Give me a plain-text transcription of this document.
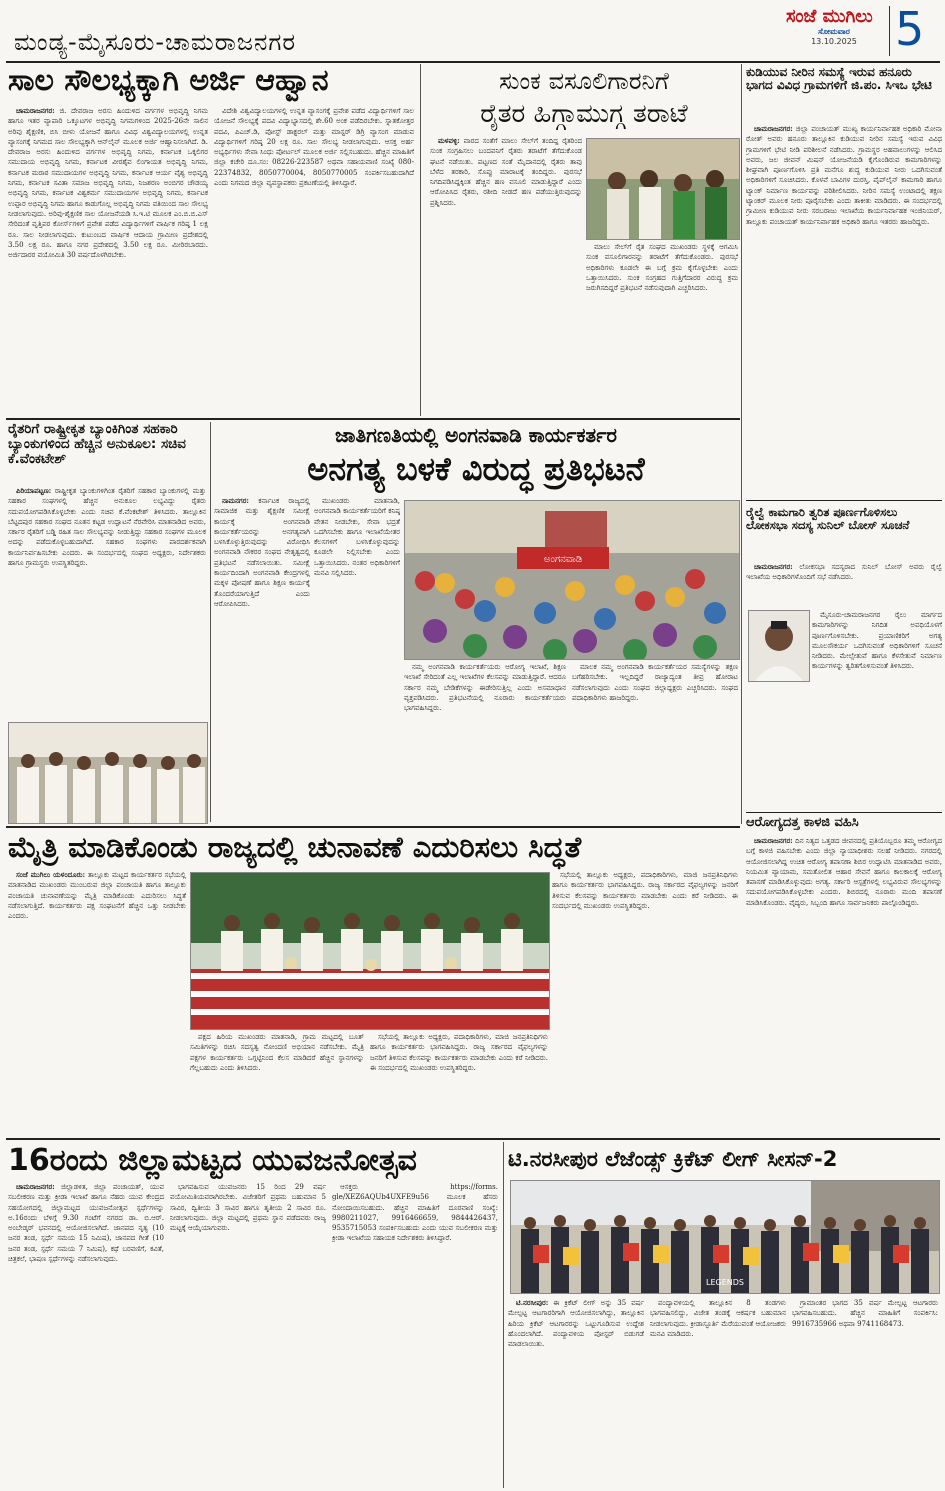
ಮಂಡ್ಯ-ಮೈಸೂರು-ಚಾಮರಾಜನಗರ
ಸಂಜೆ ಮುಗಿಲು
ಸೋಮವಾರ
13.10.2025 5
ಸಾಲ ಸೌಲಭ್ಯಕ್ಕಾಗಿ ಅರ್ಜಿ ಆಹ್ವಾನ

ಚಾಮರಾಜನಗರ: ಜಿ. ದೇವರಾಜ ಅರಸು ಹಿಂದುಳಿದ ವರ್ಗಗಳ ಅಭಿವೃದ್ಧಿ ನಿಗಮ ಹಾಗೂ ಇತರ ವ್ಯಾಪಾರಿ ಒಕ್ಕೂಟಗಳ ಅಭಿವೃದ್ಧಿ ನಿಗಮಗಳಿಂದ 2025-26ನೇ ಸಾಲಿನ ಅರಿವು ಶೈಕ್ಷಣಿಕ, ಬಿಸಿ ಬೀಳು ಯೋಜನೆ ಹಾಗೂ ವಿವಿಧ ವಿಶ್ವವಿದ್ಯಾಲಯಗಳಲ್ಲಿ ಉನ್ನತ ವ್ಯಾಸಂಗಕ್ಕೆ ನಿಗಮದ ಸಾಲ ಸೌಲಭ್ಯಕ್ಕಾಗಿ ಆನ್‌ಲೈನ್ ಮೂಲಕ ಅರ್ಜಿ ಆಹ್ವಾನಿಸಲಾಗಿದೆ. ಡಿ. ದೇವರಾಜ ಅರಸು ಹಿಂದುಳಿದ ವರ್ಗಗಳ ಅಭಿವೃದ್ಧಿ ನಿಗಮ, ಕರ್ನಾಟಕ ಒಕ್ಕಲಿಗರ ಸಮುದಾಯ ಅಭಿವೃದ್ಧಿ ನಿಗಮ, ಕರ್ನಾಟಕ ವೀರಶೈವ ಲಿಂಗಾಯತ ಅಭಿವೃದ್ಧಿ ನಿಗಮ, ಕರ್ನಾಟಕ ಮರಾಠ ಸಮುದಾಯಗಳ ಅಭಿವೃದ್ಧಿ ನಿಗಮ, ಕರ್ನಾಟಕ ಆರ್ಯ ವೈಶ್ಯ ಅಭಿವೃದ್ಧಿ ನಿಗಮ, ಕರ್ನಾಟಕ ಸವಿತಾ ಸಮಾಜ ಅಭಿವೃದ್ಧಿ ನಿಗಮ, ನಿಜಶರಣ ಅಂಬಿಗರ ಚೌಡಯ್ಯ ಅಭಿವೃದ್ಧಿ ನಿಗಮ, ಕರ್ನಾಟಕ ವಿಶ್ವಕರ್ಮ ಸಮುದಾಯಗಳ ಅಭಿವೃದ್ಧಿ ನಿಗಮ, ಕರ್ನಾಟಕ ಉಪ್ಪಾರ ಅಭಿವೃದ್ಧಿ ನಿಗಮ ಹಾಗೂ ಕಾಡುಗೊಲ್ಲ ಅಭಿವೃದ್ಧಿ ನಿಗಮ ವತಿಯಿಂದ ಸಾಲ ಸೌಲಭ್ಯ ನೀಡಲಾಗುವುದು. ಅರಿವು-ಶೈಕ್ಷಣಿಕ ಸಾಲ ಯೋಜನೆಯಡಿ ಸಿ.ಇ.ಟಿ ಮೂಲಕ ಎಂ.ಬಿ.ಬಿ.ಎಸ್ ಸೇರಿದಂತೆ ವೃತ್ತಿಪರ ಕೋರ್ಸ್‌ಗಳಿಗೆ ಪ್ರವೇಶ ಪಡೆದ ವಿದ್ಯಾರ್ಥಿಗಳಿಗೆ ವಾರ್ಷಿಕ ಗರಿಷ್ಠ 1 ಲಕ್ಷ ರೂ. ಸಾಲ ನೀಡಲಾಗುವುದು. ಕುಟುಂಬದ ವಾರ್ಷಿಕ ಆದಾಯ ಗ್ರಾಮೀಣ ಪ್ರದೇಶದಲ್ಲಿ 3.50 ಲಕ್ಷ ರೂ. ಹಾಗೂ ನಗರ ಪ್ರದೇಶದಲ್ಲಿ 3.50 ಲಕ್ಷ ರೂ. ಮೀರಿರಬಾರದು. ಅರ್ಜಿದಾರರ ವಯೋಮಿತಿ 30 ವರ್ಷದೊಳಗಿರಬೇಕು.

ವಿದೇಶಿ ವಿಶ್ವವಿದ್ಯಾಲಯಗಳಲ್ಲಿ ಉನ್ನತ ವ್ಯಾಸಂಗಕ್ಕೆ ಪ್ರವೇಶ ಪಡೆದ ವಿದ್ಯಾರ್ಥಿಗಳಿಗೆ ಸಾಲ ಯೋಜನೆ ಸೌಲಭ್ಯಕ್ಕೆ ಪದವಿ ವಿದ್ಯಾಭ್ಯಾಸದಲ್ಲಿ ಶೇ.60 ಅಂಕ ಪಡೆದಿರಬೇಕು. ಸ್ನಾತಕೋತ್ತರ ಪದವಿ, ಪಿಎಚ್.ಡಿ, ಪೋಸ್ಟ್ ಡಾಕ್ಟರಲ್ ಮತ್ತು ಮಾಸ್ಟರ್ ಡಿಗ್ರಿ ವ್ಯಾಸಂಗ ಮಾಡುವ ವಿದ್ಯಾರ್ಥಿಗಳಿಗೆ ಗರಿಷ್ಠ 20 ಲಕ್ಷ ರೂ. ಸಾಲ ಸೌಲಭ್ಯ ನೀಡಲಾಗುವುದು. ಆಸಕ್ತ ಅರ್ಹ ಅಭ್ಯರ್ಥಿಗಳು ಸೇವಾ ಸಿಂಧು ಪೋರ್ಟಲ್ ಮೂಲಕ ಅರ್ಜಿ ಸಲ್ಲಿಸಬಹುದು. ಹೆಚ್ಚಿನ ಮಾಹಿತಿಗೆ ಜಿಲ್ಲಾ ಕಚೇರಿ ದೂ.ಸಂ: 08226-223587 ಅಥವಾ ಸಹಾಯವಾಣಿ ಸಂಖ್ಯೆ 080-22374832, 8050770004, 8050770005 ಸಂಪರ್ಕಿಸಬಹುದಾಗಿದೆ ಎಂದು ನಿಗಮದ ಜಿಲ್ಲಾ ವ್ಯವಸ್ಥಾಪಕರು ಪ್ರಕಟಣೆಯಲ್ಲಿ ತಿಳಿಸಿದ್ದಾರೆ.

ಸುಂಕ ವಸೂಲಿಗಾರನಿಗೆ
ರೈತರ ಹಿಗ್ಗಾಮುಗ್ಗ ತರಾಟೆ

ಮಳವಳ್ಳಿ: ವಾರದ ಸಂತೆಗೆ ಮಾಲು ಸೇಲ್‌ಗೆ ತಂದಿದ್ದ ರೈತರಿಂದ ಸುಂಕ ಸಂಗ್ರಹಿಸಲು ಬಂದವನಿಗೆ ರೈತರು ತರಾಟೆಗೆ ತೆಗೆದುಕೊಂಡ ಘಟನೆ ನಡೆಯಿತು. ಪಟ್ಟಣದ ಸಂತೆ ಮೈದಾನದಲ್ಲಿ ರೈತರು ತಾವು ಬೆಳೆದ ತರಕಾರಿ, ಸೊಪ್ಪು ಮಾರಾಟಕ್ಕೆ ತಂದಿದ್ದರು. ಪುರಸಭೆ ನಿಗದಿಪಡಿಸಿದ್ದಕ್ಕಿಂತ ಹೆಚ್ಚಿನ ಹಣ ವಸೂಲಿ ಮಾಡುತ್ತಿದ್ದಾರೆ ಎಂದು ಆರೋಪಿಸಿದ ರೈತರು, ರಶೀದಿ ನೀಡದೆ ಹಣ ಪಡೆಯುತ್ತಿರುವುದನ್ನು ಪ್ರಶ್ನಿಸಿದರು.

ಮಾಲು ಸೇಲ್‌ಗೆ ರೈತ ಸಂಘದ ಮುಖಂಡರು ಸ್ಥಳಕ್ಕೆ ಆಗಮಿಸಿ ಸುಂಕ ವಸೂಲಿಗಾರನನ್ನು ತರಾಟೆಗೆ ತೆಗೆದುಕೊಂಡರು. ಪುರಸಭೆ ಅಧಿಕಾರಿಗಳು ಕೂಡಲೇ ಈ ಬಗ್ಗೆ ಕ್ರಮ ಕೈಗೊಳ್ಳಬೇಕು ಎಂದು ಒತ್ತಾಯಿಸಿದರು. ಸುಂಕ ಸಂಗ್ರಹದ ಗುತ್ತಿಗೆದಾರರ ವಿರುದ್ಧ ಕ್ರಮ ಜರುಗಿಸದಿದ್ದರೆ ಪ್ರತಿಭಟನೆ ನಡೆಸುವುದಾಗಿ ಎಚ್ಚರಿಸಿದರು.

ಕುಡಿಯುವ ನೀರಿನ ಸಮಸ್ಯೆ ಇರುವ ಹನೂರು ಭಾಗದ ವಿವಿಧ ಗ್ರಾಮಗಳಿಗೆ ಜಿ.ಪಂ. ಸಿಇಒ ಭೇಟಿ

ಚಾಮರಾಜನಗರ: ಜಿಲ್ಲಾ ಪಂಚಾಯತ್ ಮುಖ್ಯ ಕಾರ್ಯನಿರ್ವಾಹಕ ಅಧಿಕಾರಿ ಮೋನಾ ರೋತ್ ಅವರು ಹನೂರು ತಾಲ್ಲೂಕಿನ ಕುಡಿಯುವ ನೀರಿನ ಸಮಸ್ಯೆ ಇರುವ ವಿವಿಧ ಗ್ರಾಮಗಳಿಗೆ ಭೇಟಿ ನೀಡಿ ಪರಿಶೀಲನೆ ನಡೆಸಿದರು. ಗ್ರಾಮಸ್ಥರ ಅಹವಾಲುಗಳನ್ನು ಆಲಿಸಿದ ಅವರು, ಜಲ ಜೀವನ್ ಮಿಷನ್ ಯೋಜನೆಯಡಿ ಕೈಗೊಂಡಿರುವ ಕಾಮಗಾರಿಗಳನ್ನು ಶೀಘ್ರವಾಗಿ ಪೂರ್ಣಗೊಳಿಸಿ ಪ್ರತಿ ಮನೆಗೂ ಶುದ್ಧ ಕುಡಿಯುವ ನೀರು ಒದಗಿಸುವಂತೆ ಅಧಿಕಾರಿಗಳಿಗೆ ಸೂಚಿಸಿದರು. ಕೊಳವೆ ಬಾವಿಗಳ ದುರಸ್ತಿ, ಪೈಪ್‌ಲೈನ್ ಕಾಮಗಾರಿ ಹಾಗೂ ಟ್ಯಾಂಕ್ ನಿರ್ಮಾಣ ಕಾರ್ಯವನ್ನು ಪರಿಶೀಲಿಸಿದರು. ನೀರಿನ ಸಮಸ್ಯೆ ಉಂಟಾದಲ್ಲಿ ತಕ್ಷಣ ಟ್ಯಾಂಕರ್ ಮೂಲಕ ನೀರು ಪೂರೈಸಬೇಕು ಎಂದು ತಾಕೀತು ಮಾಡಿದರು. ಈ ಸಂದರ್ಭದಲ್ಲಿ ಗ್ರಾಮೀಣ ಕುಡಿಯುವ ನೀರು ಸರಬರಾಜು ಇಲಾಖೆಯ ಕಾರ್ಯನಿರ್ವಾಹಕ ಇಂಜಿನಿಯರ್, ತಾಲ್ಲೂಕು ಪಂಚಾಯತ್ ಕಾರ್ಯನಿರ್ವಾಹಕ ಅಧಿಕಾರಿ ಹಾಗೂ ಇತರರು ಹಾಜರಿದ್ದರು.

ರೈಲ್ವೆ ಕಾಮಗಾರಿ ತ್ವರಿತ ಪೂರ್ಣಗೊಳಿಸಲು ಲೋಕಸಭಾ ಸದಸ್ಯ ಸುನಿಲ್ ಬೋಸ್ ಸೂಚನೆ

ಚಾಮರಾಜನಗರ: ಲೋಕಸಭಾ ಸದಸ್ಯರಾದ ಸುನಿಲ್ ಬೋಸ್ ಅವರು ರೈಲ್ವೆ ಇಲಾಖೆಯ ಅಧಿಕಾರಿಗಳೊಂದಿಗೆ ಸಭೆ ನಡೆಸಿದರು.

ಮೈಸೂರು-ಚಾಮರಾಜನಗರ ರೈಲು ಮಾರ್ಗದ ಕಾಮಗಾರಿಗಳನ್ನು ನಿಗದಿತ ಅವಧಿಯೊಳಗೆ ಪೂರ್ಣಗೊಳಿಸಬೇಕು. ಪ್ರಯಾಣಿಕರಿಗೆ ಅಗತ್ಯ ಮೂಲಸೌಕರ್ಯ ಒದಗಿಸುವಂತೆ ಅಧಿಕಾರಿಗಳಿಗೆ ಸೂಚನೆ ನೀಡಿದರು. ಮೇಲ್ಸೇತುವೆ ಹಾಗೂ ಕೆಳಸೇತುವೆ ನಿರ್ಮಾಣ ಕಾರ್ಯಗಳನ್ನು ತ್ವರಿತಗೊಳಿಸುವಂತೆ ತಿಳಿಸಿದರು.

ಆರೋಗ್ಯದತ್ತ ಕಾಳಜಿ ವಹಿಸಿ

ಚಾಮರಾಜನಗರ: ದಿನ ನಿತ್ಯದ ಒತ್ತಡದ ಜೀವನದಲ್ಲಿ ಪ್ರತಿಯೊಬ್ಬರೂ ತಮ್ಮ ಆರೋಗ್ಯದ ಬಗ್ಗೆ ಕಾಳಜಿ ವಹಿಸಬೇಕು ಎಂದು ಜಿಲ್ಲಾ ನ್ಯಾಯಾಧೀಶರು ಸಲಹೆ ನೀಡಿದರು. ನಗರದಲ್ಲಿ ಆಯೋಜಿಸಲಾಗಿದ್ದ ಉಚಿತ ಆರೋಗ್ಯ ತಪಾಸಣಾ ಶಿಬಿರ ಉದ್ಘಾಟಿಸಿ ಮಾತನಾಡಿದ ಅವರು, ನಿಯಮಿತ ವ್ಯಾಯಾಮ, ಸಮತೋಲಿತ ಆಹಾರ ಸೇವನೆ ಹಾಗೂ ಕಾಲಕಾಲಕ್ಕೆ ಆರೋಗ್ಯ ತಪಾಸಣೆ ಮಾಡಿಸಿಕೊಳ್ಳುವುದು ಅಗತ್ಯ. ಸರ್ಕಾರಿ ಆಸ್ಪತ್ರೆಗಳಲ್ಲಿ ಲಭ್ಯವಿರುವ ಸೌಲಭ್ಯಗಳನ್ನು ಸದುಪಯೋಗಪಡಿಸಿಕೊಳ್ಳಬೇಕು ಎಂದರು. ಶಿಬಿರದಲ್ಲಿ ನೂರಾರು ಮಂದಿ ತಪಾಸಣೆ ಮಾಡಿಸಿಕೊಂಡರು. ವೈದ್ಯರು, ಸಿಬ್ಬಂದಿ ಹಾಗೂ ಸಾರ್ವಜನಿಕರು ಪಾಲ್ಗೊಂಡಿದ್ದರು.

ರೈತರಿಗೆ ರಾಷ್ಟ್ರೀಕೃತ ಬ್ಯಾಂಕಿಗಿಂತ ಸಹಕಾರಿ ಬ್ಯಾಂಕುಗಳಿಂದ ಹೆಚ್ಚಿನ ಅನುಕೂಲ: ಸಚಿವ ಕೆ.ವೆಂಕಟೇಶ್

ಪಿರಿಯಾಪಟ್ಟಣ: ರಾಷ್ಟ್ರೀಕೃತ ಬ್ಯಾಂಕುಗಳಿಗಿಂತ ರೈತರಿಗೆ ಸಹಕಾರ ಬ್ಯಾಂಕುಗಳಲ್ಲಿ ಮತ್ತು ಸಹಕಾರ ಸಂಘಗಳಲ್ಲಿ ಹೆಚ್ಚಿನ ಅನುಕೂಲ ಲಭ್ಯವಿದ್ದು ರೈತರು ಸದುಪಯೋಗಪಡಿಸಿಕೊಳ್ಳಬೇಕು ಎಂದು ಸಚಿವ ಕೆ.ವೆಂಕಟೇಶ್ ತಿಳಿಸಿದರು. ತಾಲ್ಲೂಕಿನ ಬೆಟ್ಟದಪುರ ಸಹಕಾರ ಸಂಘದ ನೂತನ ಕಟ್ಟಡ ಉದ್ಘಾಟನೆ ನೆರವೇರಿಸಿ ಮಾತನಾಡಿದ ಅವರು, ಸರ್ಕಾರ ರೈತರಿಗೆ ಬಡ್ಡಿ ರಹಿತ ಸಾಲ ಸೌಲಭ್ಯವನ್ನು ನೀಡುತ್ತಿದ್ದು ಸಹಕಾರ ಸಂಘಗಳ ಮೂಲಕ ಅದನ್ನು ಪಡೆದುಕೊಳ್ಳಬಹುದಾಗಿದೆ. ಸಹಕಾರ ಸಂಘಗಳು ಪಾರದರ್ಶಕವಾಗಿ ಕಾರ್ಯನಿರ್ವಹಿಸಬೇಕು ಎಂದರು. ಈ ಸಂದರ್ಭದಲ್ಲಿ ಸಂಘದ ಅಧ್ಯಕ್ಷರು, ನಿರ್ದೇಶಕರು ಹಾಗೂ ಗ್ರಾಮಸ್ಥರು ಉಪಸ್ಥಿತರಿದ್ದರು.

ಜಾತಿಗಣತಿಯಲ್ಲಿ ಅಂಗನವಾಡಿ ಕಾರ್ಯಕರ್ತರ
ಅನಗತ್ಯ ಬಳಕೆ ವಿರುದ್ಧ ಪ್ರತಿಭಟನೆ

ನಾಮನಗರ: ಕರ್ನಾಟಕ ರಾಜ್ಯದಲ್ಲಿ ಸಾಮಾಜಿಕ ಮತ್ತು ಶೈಕ್ಷಣಿಕ ಸಮೀಕ್ಷೆ ಕಾರ್ಯಕ್ಕೆ ಅಂಗನವಾಡಿ ಕಾರ್ಯಕರ್ತೆಯರನ್ನು ಅನಗತ್ಯವಾಗಿ ಬಳಸಿಕೊಳ್ಳುತ್ತಿರುವುದನ್ನು ವಿರೋಧಿಸಿ ಅಂಗನವಾಡಿ ನೌಕರರ ಸಂಘದ ನೇತೃತ್ವದಲ್ಲಿ ಪ್ರತಿಭಟನೆ ನಡೆಸಲಾಯಿತು. ಸಮೀಕ್ಷೆ ಕಾರ್ಯದಿಂದಾಗಿ ಅಂಗನವಾಡಿ ಕೇಂದ್ರಗಳಲ್ಲಿ ಮಕ್ಕಳ ಪೋಷಣೆ ಹಾಗೂ ಶಿಕ್ಷಣ ಕಾರ್ಯಕ್ಕೆ ತೊಂದರೆಯಾಗುತ್ತಿದೆ ಎಂದು ಆರೋಪಿಸಿದರು.

ಮುಖಂಡರು ಮಾತನಾಡಿ, ಅಂಗನವಾಡಿ ಕಾರ್ಯಕರ್ತೆಯರಿಗೆ ಕನಿಷ್ಠ ವೇತನ ನೀಡಬೇಕು, ಸೇವಾ ಭದ್ರತೆ ಒದಗಿಸಬೇಕು ಹಾಗೂ ಇಲಾಖೆಯೇತರ ಕೆಲಸಗಳಿಗೆ ಬಳಸಿಕೊಳ್ಳುವುದನ್ನು ಕೂಡಲೇ ನಿಲ್ಲಿಸಬೇಕು ಎಂದು ಒತ್ತಾಯಿಸಿದರು. ನಂತರ ಅಧಿಕಾರಿಗಳಿಗೆ ಮನವಿ ಸಲ್ಲಿಸಿದರು.

ಅಂಗನವಾಡಿ

ನಮ್ಮ ಅಂಗನವಾಡಿ ಕಾರ್ಯಕರ್ತೆಯರು ಆರೋಗ್ಯ ಇಲಾಖೆ, ಶಿಕ್ಷಣ ಇಲಾಖೆ ಸೇರಿದಂತೆ ಎಲ್ಲ ಇಲಾಖೆಗಳ ಕೆಲಸವನ್ನು ಮಾಡುತ್ತಿದ್ದಾರೆ. ಆದರೂ ಸರ್ಕಾರ ನಮ್ಮ ಬೇಡಿಕೆಗಳನ್ನು ಈಡೇರಿಸುತ್ತಿಲ್ಲ ಎಂದು ಅಸಮಾಧಾನ ವ್ಯಕ್ತಪಡಿಸಿದರು. ಪ್ರತಿಭಟನೆಯಲ್ಲಿ ನೂರಾರು ಕಾರ್ಯಕರ್ತೆಯರು ಭಾಗವಹಿಸಿದ್ದರು.

ಮಾಲಕ ನಮ್ಮ ಅಂಗನವಾಡಿ ಕಾರ್ಯಕರ್ತೆಯರ ಸಮಸ್ಯೆಗಳನ್ನು ತಕ್ಷಣ ಬಗೆಹರಿಸಬೇಕು. ಇಲ್ಲದಿದ್ದರೆ ರಾಜ್ಯಾದ್ಯಂತ ತೀವ್ರ ಹೋರಾಟ ನಡೆಸಲಾಗುವುದು ಎಂದು ಸಂಘದ ಜಿಲ್ಲಾಧ್ಯಕ್ಷರು ಎಚ್ಚರಿಸಿದರು. ಸಂಘದ ಪದಾಧಿಕಾರಿಗಳು ಹಾಜರಿದ್ದರು.

ಮೈತ್ರಿ ಮಾಡಿಕೊಂಡು ರಾಜ್ಯದಲ್ಲಿ ಚುನಾವಣೆ ಎದುರಿಸಲು ಸಿದ್ಧತೆ

ಸಂಜೆ ಮುಗಿಲು ಯಳಂದೂರು: ತಾಲ್ಲೂಕು ಮಟ್ಟದ ಕಾರ್ಯಕರ್ತರ ಸಭೆಯಲ್ಲಿ ಮಾತನಾಡಿದ ಮುಖಂಡರು ಮುಂಬರುವ ಜಿಲ್ಲಾ ಪಂಚಾಯತಿ ಹಾಗೂ ತಾಲ್ಲೂಕು ಪಂಚಾಯತಿ ಚುನಾವಣೆಯನ್ನು ಮೈತ್ರಿ ಮಾಡಿಕೊಂಡು ಎದುರಿಸಲು ಸಿದ್ಧತೆ ನಡೆಸಲಾಗುತ್ತಿದೆ. ಕಾರ್ಯಕರ್ತರು ಪಕ್ಷ ಸಂಘಟನೆಗೆ ಹೆಚ್ಚಿನ ಒತ್ತು ನೀಡಬೇಕು ಎಂದರು.

ಪಕ್ಷದ ಹಿರಿಯ ಮುಖಂಡರು ಮಾತನಾಡಿ, ಗ್ರಾಮ ಮಟ್ಟದಲ್ಲಿ ಬೂತ್ ಸಮಿತಿಗಳನ್ನು ರಚಿಸಿ ಸದಸ್ಯತ್ವ ನೋಂದಣಿ ಅಭಿಯಾನ ನಡೆಸಬೇಕು. ಮೈತ್ರಿ ಪಕ್ಷಗಳ ಕಾರ್ಯಕರ್ತರು ಒಗ್ಗಟ್ಟಿನಿಂದ ಕೆಲಸ ಮಾಡಿದರೆ ಹೆಚ್ಚಿನ ಸ್ಥಾನಗಳನ್ನು ಗೆಲ್ಲಬಹುದು ಎಂದು ತಿಳಿಸಿದರು.

ಸಭೆಯಲ್ಲಿ ತಾಲ್ಲೂಕು ಅಧ್ಯಕ್ಷರು, ಪದಾಧಿಕಾರಿಗಳು, ಮಾಜಿ ಜನಪ್ರತಿನಿಧಿಗಳು ಹಾಗೂ ಕಾರ್ಯಕರ್ತರು ಭಾಗವಹಿಸಿದ್ದರು. ರಾಜ್ಯ ಸರ್ಕಾರದ ವೈಫಲ್ಯಗಳನ್ನು ಜನರಿಗೆ ತಿಳಿಸುವ ಕೆಲಸವನ್ನು ಕಾರ್ಯಕರ್ತರು ಮಾಡಬೇಕು ಎಂದು ಕರೆ ನೀಡಿದರು. ಈ ಸಂದರ್ಭದಲ್ಲಿ ಮುಖಂಡರು ಉಪಸ್ಥಿತರಿದ್ದರು.

ಸಭೆಯಲ್ಲಿ ತಾಲ್ಲೂಕು ಅಧ್ಯಕ್ಷರು, ಪದಾಧಿಕಾರಿಗಳು, ಮಾಜಿ ಜನಪ್ರತಿನಿಧಿಗಳು ಹಾಗೂ ಕಾರ್ಯಕರ್ತರು ಭಾಗವಹಿಸಿದ್ದರು. ರಾಜ್ಯ ಸರ್ಕಾರದ ವೈಫಲ್ಯಗಳನ್ನು ಜನರಿಗೆ ತಿಳಿಸುವ ಕೆಲಸವನ್ನು ಕಾರ್ಯಕರ್ತರು ಮಾಡಬೇಕು ಎಂದು ಕರೆ ನೀಡಿದರು. ಈ ಸಂದರ್ಭದಲ್ಲಿ ಮುಖಂಡರು ಉಪಸ್ಥಿತರಿದ್ದರು.

16ರಂದು ಜಿಲ್ಲಾಮಟ್ಟದ ಯುವಜನೋತ್ಸವ

ಚಾಮರಾಜನಗರ: ಜಿಲ್ಲಾಡಳಿತ, ಜಿಲ್ಲಾ ಪಂಚಾಯತ್, ಯುವ ಸಬಲೀಕರಣ ಮತ್ತು ಕ್ರೀಡಾ ಇಲಾಖೆ ಹಾಗೂ ನೆಹರು ಯುವ ಕೇಂದ್ರದ ಸಹಯೋಗದಲ್ಲಿ ಜಿಲ್ಲಾಮಟ್ಟದ ಯುವಜನೋತ್ಸವ ಸ್ಪರ್ಧೆಗಳನ್ನು ಅ.16ರಂದು ಬೆಳಿಗ್ಗೆ 9.30 ಗಂಟೆಗೆ ನಗರದ ಡಾ. ಬಿ.ಆರ್. ಅಂಬೇಡ್ಕರ್ ಭವನದಲ್ಲಿ ಆಯೋಜಿಸಲಾಗಿದೆ. ಜಾನಪದ ನೃತ್ಯ (10 ಜನರ ತಂಡ, ಸ್ಪರ್ಧೆ ಸಮಯ 15 ನಿಮಿಷ), ಜಾನಪದ ಗೀತೆ (10 ಜನರ ತಂಡ, ಸ್ಪರ್ಧೆ ಸಮಯ 7 ನಿಮಿಷ), ಕಥೆ ಬರವಣಿಗೆ, ಕವಿತೆ, ಚಿತ್ರಕಲೆ, ಭಾಷಣ ಸ್ಪರ್ಧೆಗಳನ್ನು ನಡೆಸಲಾಗುವುದು.

ಭಾಗವಹಿಸುವ ಯುವಜನರು 15 ರಿಂದ 29 ವರ್ಷ ವಯೋಮಿತಿಯವರಾಗಿರಬೇಕು. ವಿಜೇತರಿಗೆ ಪ್ರಥಮ ಬಹುಮಾನ 5 ಸಾವಿರ, ದ್ವಿತೀಯ 3 ಸಾವಿರ ಹಾಗೂ ತೃತೀಯ 2 ಸಾವಿರ ರೂ. ನೀಡಲಾಗುವುದು. ಜಿಲ್ಲಾ ಮಟ್ಟದಲ್ಲಿ ಪ್ರಥಮ ಸ್ಥಾನ ಪಡೆದವರು ರಾಜ್ಯ ಮಟ್ಟಕ್ಕೆ ಆಯ್ಕೆಯಾಗುವರು.

ಆಸಕ್ತರು https://forms. gle/XEZ6AQUb4UXFE9u56 ಮೂಲಕ ಹೆಸರು ನೋಂದಾಯಿಸಬಹುದು. ಹೆಚ್ಚಿನ ಮಾಹಿತಿಗೆ ದೂರವಾಣಿ ಸಂಖ್ಯೆ: 9980211027, 9916466659, 9844426437, 9535715053 ಸಂಪರ್ಕಿಸಬಹುದು ಎಂದು ಯುವ ಸಬಲೀಕರಣ ಮತ್ತು ಕ್ರೀಡಾ ಇಲಾಖೆಯ ಸಹಾಯಕ ನಿರ್ದೇಶಕರು ತಿಳಿಸಿದ್ದಾರೆ.

ಟಿ.ನರಸೀಪುರ ಲೆಜೆಂಡ್ಸ್ ಕ್ರಿಕೆಟ್ ಲೀಗ್ ಸೀಸನ್-2
LEGENDS

ಟಿ.ನರಸೀಪುರ: ಈ ಕ್ರಿಕೆಟ್ ಲೀಗ್ ಅನ್ನು 35 ವರ್ಷ ಮೇಲ್ಪಟ್ಟ ಆಟಗಾರರಿಗಾಗಿ ಆಯೋಜಿಸಲಾಗಿದ್ದು, ತಾಲ್ಲೂಕಿನ ಹಿರಿಯ ಕ್ರಿಕೆಟ್ ಆಟಗಾರರನ್ನು ಒಟ್ಟುಗೂಡಿಸುವ ಉದ್ದೇಶ ಹೊಂದಲಾಗಿದೆ. ಪಂದ್ಯಾವಳಿಯ ಪೋಸ್ಟರ್ ಬಿಡುಗಡೆ ಮಾಡಲಾಯಿತು.

ಪಂದ್ಯಾವಳಿಯಲ್ಲಿ ತಾಲ್ಲೂಕಿನ 8 ತಂಡಗಳು ಭಾಗವಹಿಸಲಿದ್ದು, ವಿಜೇತ ತಂಡಕ್ಕೆ ಆಕರ್ಷಕ ಬಹುಮಾನ ನೀಡಲಾಗುವುದು. ಕ್ರೀಡಾಸ್ಫೂರ್ತಿ ಮೆರೆಯುವಂತೆ ಆಯೋಜಕರು ಮನವಿ ಮಾಡಿದರು.

ಗ್ರಾಮಾಂತರ ಭಾಗದ 35 ವರ್ಷ ಮೇಲ್ಪಟ್ಟ ಆಟಗಾರರು ಭಾಗವಹಿಸಬಹುದು. ಹೆಚ್ಚಿನ ಮಾಹಿತಿಗೆ ಸಂಪರ್ಕಿಸಿ: 9916735966 ಅಥವಾ 9741168473.
